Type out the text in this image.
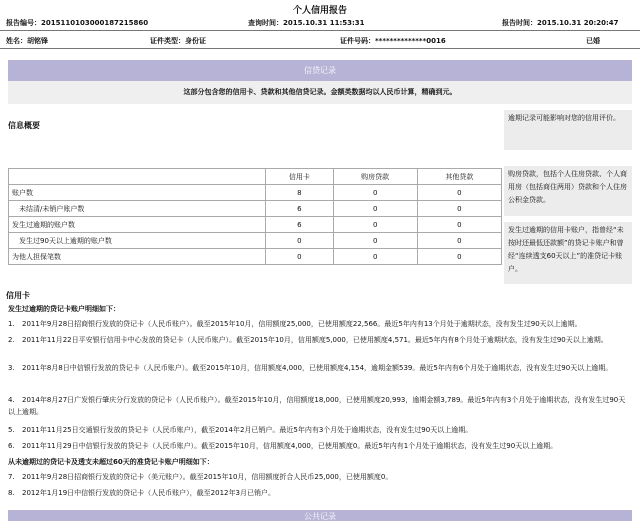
个人信用报告
报告编号：2015110103000187215860	查询时间：2015.10.31 11:53:31	报告时间：2015.10.31 20:20:47
姓名：胡铭锋	证件类型：身份证	证件号码：**************0016	已婚
信贷记录
这部分包含您的信用卡、贷款和其他信贷记录。金额类数据均以人民币计算，精确到元。
信息概要
逾期记录可能影响对您的信用评价。
购房贷款，包括个人住房贷款、个人商用房（包括商住两用）贷款和个人住房公积金贷款。
发生过逾期的信用卡账户，指曾经“未按时还最低还款额”的贷记卡账户和曾经“连续透支60天以上”的准贷记卡账户。
	信用卡	购房贷款	其他贷款
账户数	8	0	0
未结清/未销户账户数	6	0	0
发生过逾期的账户数	6	0	0
发生过90天以上逾期的账户数	0	0	0
为他人担保笔数	0	0	0
信用卡
发生过逾期的贷记卡账户明细如下：
1. 2011年9月28日招商银行发放的贷记卡（人民币账户）。截至2015年10月，信用额度25,000，已使用额度22,566。最近5年内有13个月处于逾期状态，没有发生过90天以上逾期。
2. 2011年11月22日平安银行信用卡中心发放的贷记卡（人民币账户）。截至2015年10月，信用额度5,000，已使用额度4,571。最近5年内有8个月处于逾期状态，没有发生过90天以上逾期。
3. 2011年8月8日中信银行发放的贷记卡（人民币账户）。截至2015年10月，信用额度4,000，已使用额度4,154，逾期金额539。最近5年内有6个月处于逾期状态，没有发生过90天以上逾期。
4. 2014年8月27日广发银行肇庆分行发放的贷记卡（人民币账户）。截至2015年10月，信用额度18,000，已使用额度20,993，逾期金额3,789。最近5年内有3个月处于逾期状态，没有发生过90天以上逾期。
5. 2011年11月25日交通银行发放的贷记卡（人民币账户），截至2014年2月已销户。最近5年内有3个月处于逾期状态，没有发生过90天以上逾期。
6. 2011年11月29日中信银行发放的贷记卡（人民币账户）。截至2015年10月，信用额度4,000，已使用额度0。最近5年内有1个月处于逾期状态，没有发生过90天以上逾期。
从未逾期过的贷记卡及透支未超过60天的准贷记卡账户明细如下：
7. 2011年9月28日招商银行发放的贷记卡（美元账户）。截至2015年10月，信用额度折合人民币25,000，已使用额度0。
8. 2012年1月19日中信银行发放的贷记卡（人民币账户），截至2012年3月已销户。
公共记录
